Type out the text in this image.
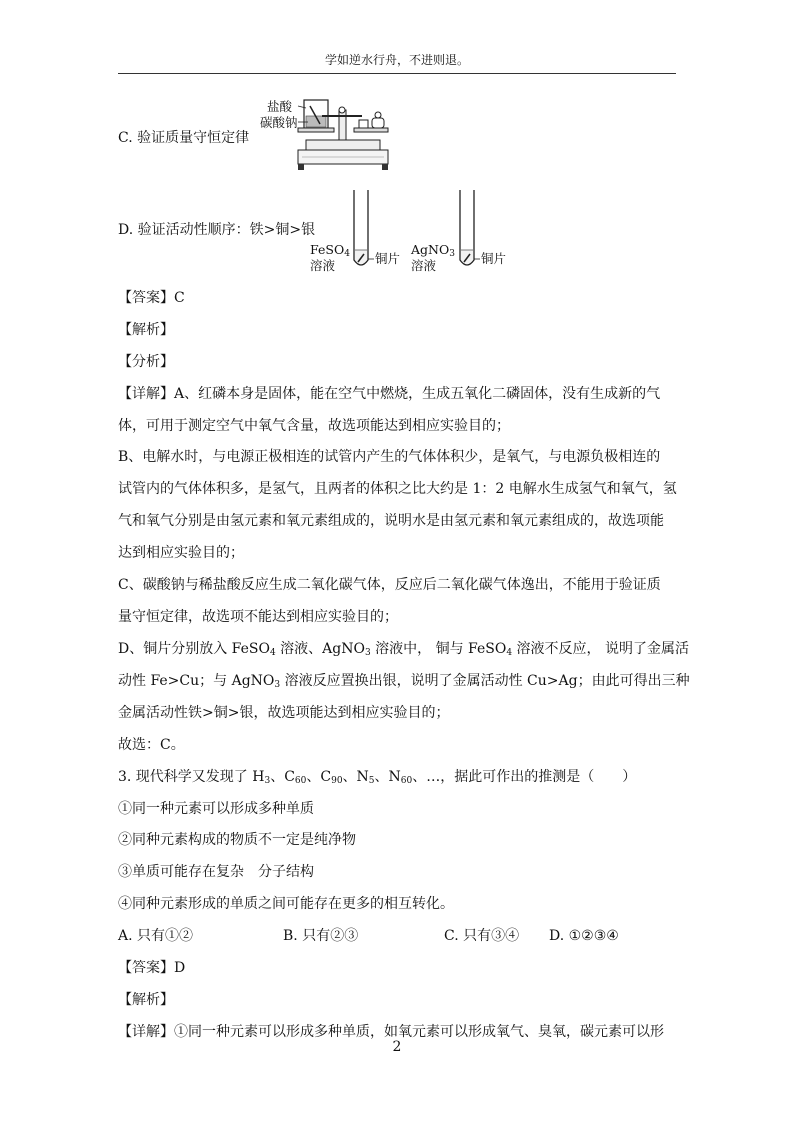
学如逆水行舟，不进则退。
C. 验证质量守恒定律
盐酸
碳酸钠
D. 验证活动性顺序：铁>铜>银
FeSO$_4$
溶液	铜片
AgNO$_3$
溶液	铜片
【答案】C
【解析】
【分析】
【详解】A、红磷本身是固体，能在空气中燃烧，生成五氧化二磷固体，没有生成新的气
体，可用于测定空气中氧气含量，故选项能达到相应实验目的；
B、电解水时，与电源正极相连的试管内产生的气体体积少，是氧气，与电源负极相连的
试管内的气体体积多，是氢气，且两者的体积之比大约是 1：2 电解水生成氢气和氧气，氢
气和氧气分别是由氢元素和氧元素组成的，说明水是由氢元素和氧元素组成的，故选项能
达到相应实验目的；
C、碳酸钠与稀盐酸反应生成二氧化碳气体，反应后二氧化碳气体逸出，不能用于验证质
量守恒定律，故选项不能达到相应实验目的；
D、铜片分别放入 FeSO$_4$ 溶液、AgNO$_3$ 溶液中， 铜与 FeSO$_4$ 溶液不反应， 说明了金属活
动性 Fe>Cu；与 AgNO$_3$ 溶液反应置换出银，说明了金属活动性 Cu>Ag；由此可得出三种
金属活动性铁>铜>银，故选项能达到相应实验目的；
故选：C。
3. 现代科学又发现了 $H_3$、$C_{60}$、$C_{90}$、$N_5$、$N_{60}$、…，据此可作出的推测是（　　）
①同一种元素可以形成多种单质
②同种元素构成的物质不一定是纯净物
③单质可能存在复杂　分子结构
④同种元素形成的单质之间可能存在更多的相互转化。
A. 只有①②	B. 只有②③	C. 只有③④ D. ①②③④
【答案】D
【解析】
【详解】①同一种元素可以形成多种单质，如氧元素可以形成氧气、臭氧，碳元素可以形
2
